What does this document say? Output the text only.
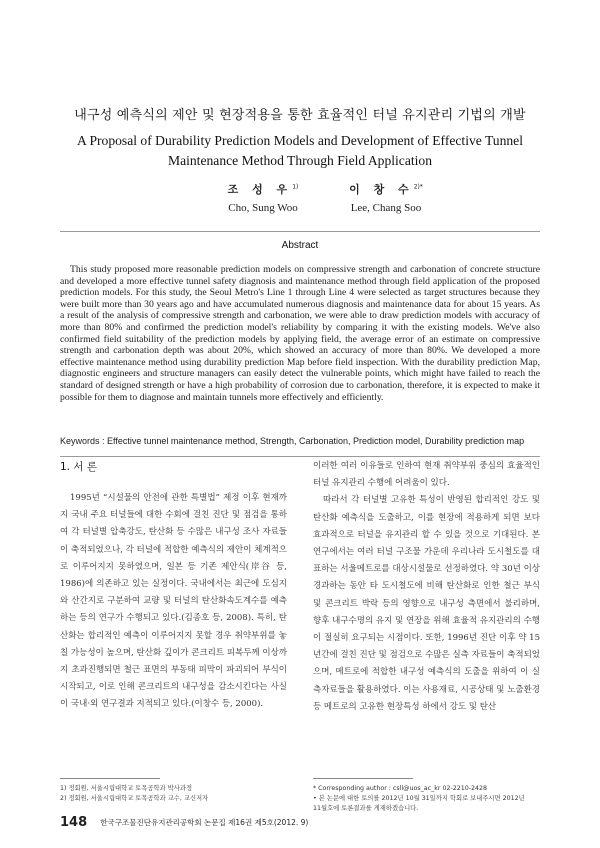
내구성 예측식의 제안 및 현장적용을 통한 효율적인 터널 유지관리 기법의 개발
A Proposal of Durability Prediction Models and Development of Effective Tunnel
Maintenance Method Through Field Application
조 성 우$^{1)}$
Cho, Sung Woo
이 창 수$^{2)*}$
Lee, Chang Soo
Abstract

This study proposed more reasonable prediction models on compressive strength and carbonation of concrete structure and developed a more effective tunnel safety diagnosis and maintenance method through field application of the proposed prediction models. For this study, the Seoul Metro's Line 1 through Line 4 were selected as target structures because they were built more than 30 years ago and have accumulated numerous diagnosis and maintenance data for about 15 years. As a result of the analysis of compressive strength and carbonation, we were able to draw prediction models with accuracy of more than 80% and confirmed the prediction model's reliability by comparing it with the existing models. We've also confirmed field suitability of the prediction models by applying field, the average error of an estimate on compressive strength and carbonation depth was about 20%, which showed an accuracy of more than 80%. We developed a more effective maintenance method using durability prediction Map before field inspection. With the durability prediction Map, diagnostic engineers and structure managers can easily detect the vulnerable points, which might have failed to reach the standard of designed strength or have a high probability of corrosion due to carbonation, therefore, it is expected to make it possible for them to diagnose and maintain tunnels more effectively and efficiently.

Keywords : Effective tunnel maintenance method, Strength, Carbonation, Prediction model, Durability prediction map
1. 서 론

1995년 “시설물의 안전에 관한 특별법” 제정 이후 현재까지 국내 주요 터널들에 대한 수회에 걸친 진단 및 점검을 통하여 각 터널별 압축강도, 탄산화 등 수많은 내구성 조사 자료들이 축적되었으나, 각 터널에 적합한 예측식의 제안이 체계적으로 이루어지지 못하였으며, 일본 등 기존 제안식(岸谷 등, 1986)에 의존하고 있는 실정이다. 국내에서는 최근에 도심지와 산간지로 구분하여 교량 및 터널의 탄산화속도계수를 예측하는 등의 연구가 수행되고 있다.(김종호 등, 2008). 특히, 탄산화는 합리적인 예측이 이루어지지 못할 경우 취약부위를 놓칠 가능성이 높으며, 탄산화 깊이가 콘크리트 피복두께 이상까지 초과진행되면 철근 표면의 부동태 피막이 파괴되어 부식이 시작되고, 이로 인해 콘크리트의 내구성을 감소시킨다는 사실이 국내·외 연구결과 지적되고 있다.(이창수 등, 2000).

이러한 여러 이유들로 인하여 현재 취약부위 중심의 효율적인 터널 유지관리 수행에 어려움이 있다.

따라서 각 터널별 고유한 특성이 반영된 합리적인 강도 및 탄산화 예측식을 도출하고, 이를 현장에 적용하게 되면 보다 효과적으로 터널을 유지관리 할 수 있을 것으로 기대된다. 본 연구에서는 여러 터널 구조물 가운데 우리나라 도시철도를 대표하는 서울메트로를 대상시설물로 선정하였다. 약 30년 이상 경과하는 동안 타 도시철도에 비해 탄산화로 인한 철근 부식 및 콘크리트 박락 등의 영향으로 내구성 측면에서 불리하며, 향후 내구수명의 유지 및 연장을 위해 효율적 유지관리의 수행이 절실히 요구되는 시점이다. 또한, 1996년 진단 이후 약 15년간에 걸친 진단 및 점검으로 수많은 실측 자료들이 축적되었으며, 메트로에 적합한 내구성 예측식의 도출을 위하여 이 실측자료들을 활용하였다. 이는 사용재료, 시공상태 및 노출환경 등 메트로의 고유한 현장특성 하에서 강도 및 탄산

1) 정회원, 서울시립대학교 토목공학과 박사과정
2) 정회원, 서울시립대학교 토목공학과 교수, 교신저자
* Corresponding author : csll@uos_ac_kr 02-2210-2428
• 본 논문에 대한 토의를 2012년 10월 31일까지 학회로 보내주시면 2012년
11월호에 토론결과를 게재하겠습니다.
148 한국구조물진단유지관리공학회 논문집 제16권 제5호(2012. 9)
